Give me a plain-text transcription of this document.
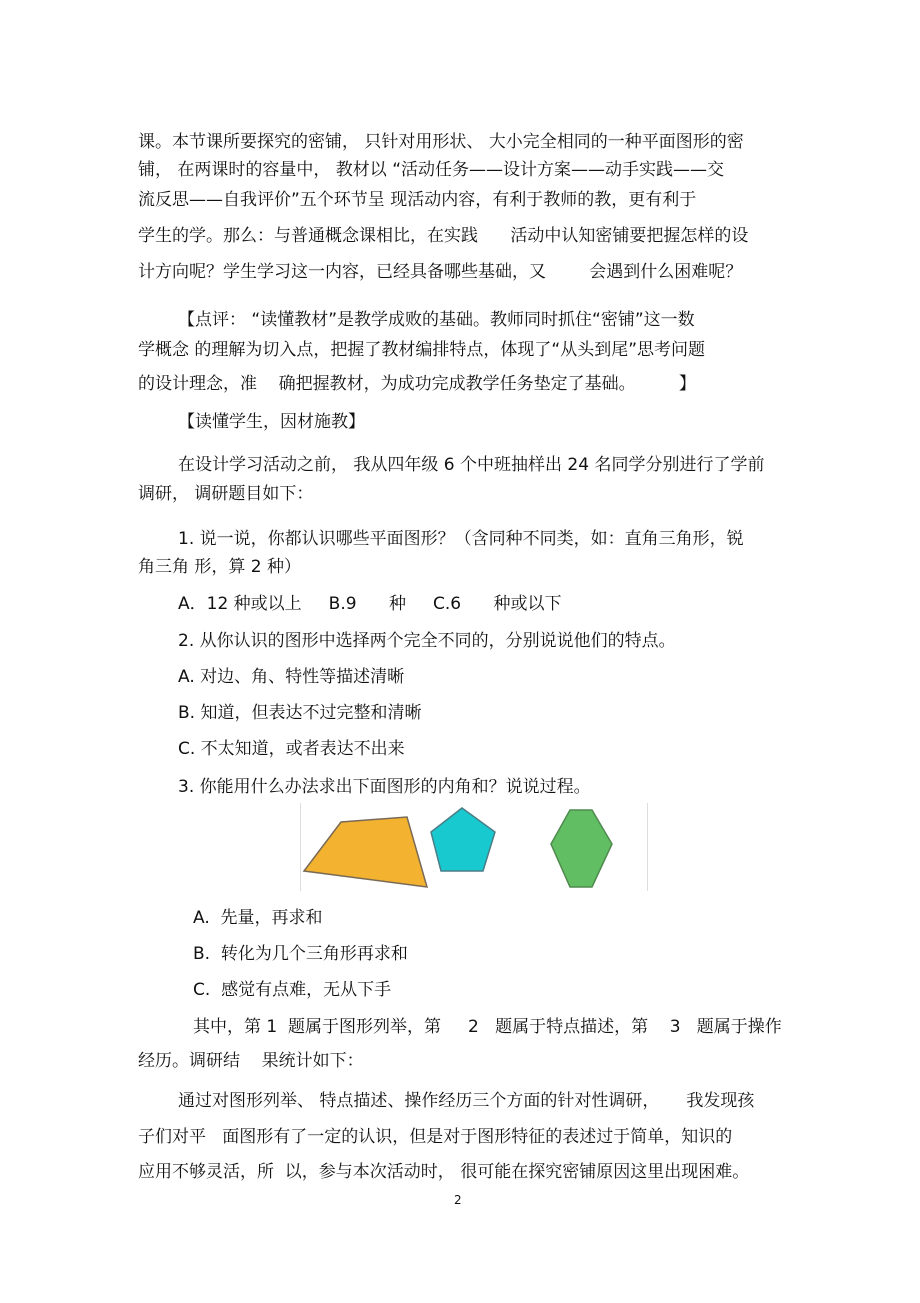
课。本节课所要探究的密铺， 只针对用形状、 大小完全相同的一种平面图形的密
铺， 在两课时的容量中， 教材以 “活动任务——设计方案——动手实践——交
流反思——自我评价”五个环节呈 现活动内容，有利于教师的教，更有利于
学生的学。那么：与普通概念课相比，在实践      活动中认知密铺要把握怎样的设
计方向呢？学生学习这一内容，已经具备哪些基础，又        会遇到什么困难呢？
【点评： “读懂教材”是教学成败的基础。教师同时抓住“密铺”这一数
学概念 的理解为切入点，把握了教材编排特点，体现了“从头到尾”思考问题
的设计理念，准    确把握教材，为成功完成教学任务垫定了基础。        】
【读懂学生，因材施教】
在设计学习活动之前， 我从四年级 6 个中班抽样出 24 名同学分别进行了学前
调研， 调研题目如下：
1. 说一说，你都认识哪些平面图形？（含同种不同类，如：直角三角形，锐
角三角 形，算 2 种）
A．12 种或以上     B.9      种     C.6      种或以下
2. 从你认识的图形中选择两个完全不同的，分别说说他们的特点。
A. 对边、角、特性等描述清晰
B. 知道，但表达不过完整和清晰
C. 不太知道，或者表达不出来
3. 你能用什么办法求出下面图形的内角和？说说过程。
A.  先量，再求和
B.  转化为几个三角形再求和
C.  感觉有点难，无从下手
其中，第 1  题属于图形列举，第     2   题属于特点描述，第    3   题属于操作
经历。调研结    果统计如下：
通过对图形列举、 特点描述、操作经历三个方面的针对性调研，     我发现孩
子们对平   面图形有了一定的认识，但是对于图形特征的表述过于简单，知识的
应用不够灵活，所  以，参与本次活动时， 很可能在探究密铺原因这里出现困难。
2
